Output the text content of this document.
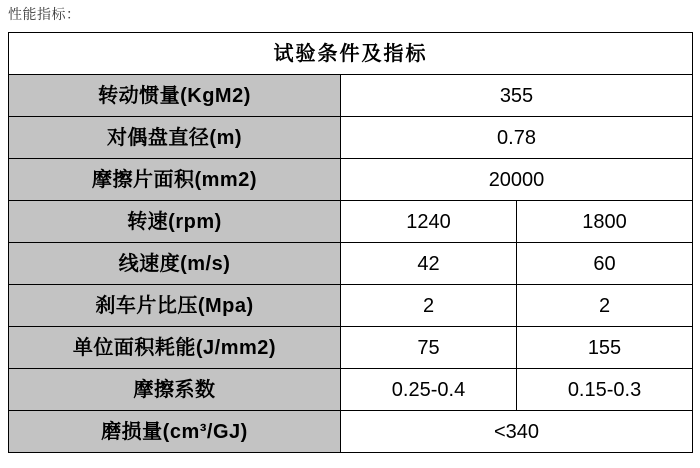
性能指标：
试验条件及指标		
转动惯量(KgM2)	355	
对偶盘直径(m)	0.78	
摩擦片面积(mm2)	20000	
转速(rpm)	1240	1800
线速度(m/s)	42	60
刹车片比压(Mpa)	2	2
单位面积耗能(J/mm2)	75	155
摩擦系数	0.25-0.4	0.15-0.3
磨损量(cm³/GJ)	<340	
